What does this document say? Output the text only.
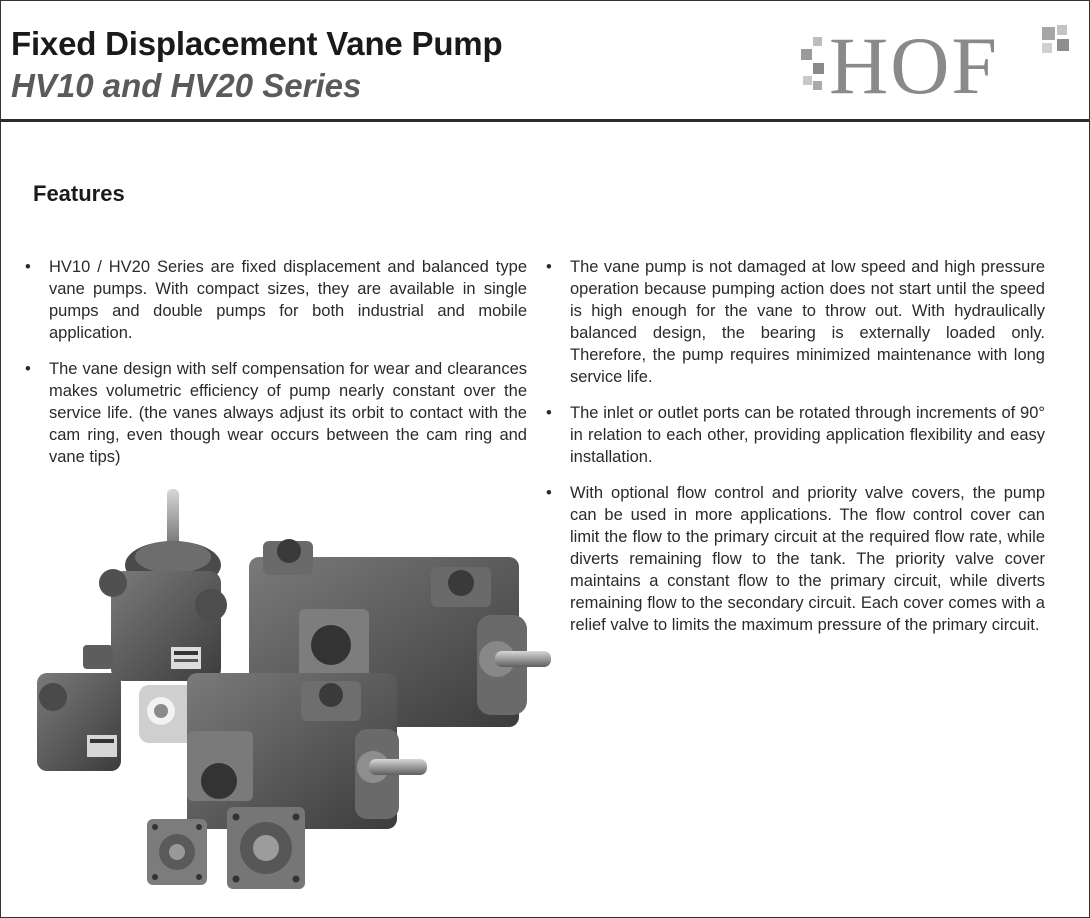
Fixed Displacement Vane Pump
HV10 and HV20 Series	HOF
Features
• HV10 / HV20 Series are fixed displacement and balanced type vane pumps. With compact sizes, they are available in single pumps and double pumps for both industrial and mobile application.
• The vane design with self compensation for wear and clearances makes volumetric efficiency of pump nearly constant over the service life. (the vanes always adjust its orbit to contact with the cam ring, even though wear occurs between the cam ring and vane tips)
• The vane pump is not damaged at low speed and high pressure operation because pumping action does not start until the speed is high enough for the vane to throw out. With hydraulically balanced design, the bearing is externally loaded only. Therefore, the pump requires minimized maintenance with long service life.
• The inlet or outlet ports can be rotated through increments of 90° in relation to each other, providing application flexibility and easy installation.
• With optional flow control and priority valve covers, the pump can be used in more applications. The flow control cover can limit the flow to the primary circuit at the required flow rate, while diverts remaining flow to the tank. The priority valve cover maintains a constant flow to the primary circuit, while diverts remaining flow to the secondary circuit. Each cover comes with a relief valve to limits the maximum pressure of the primary circuit.
